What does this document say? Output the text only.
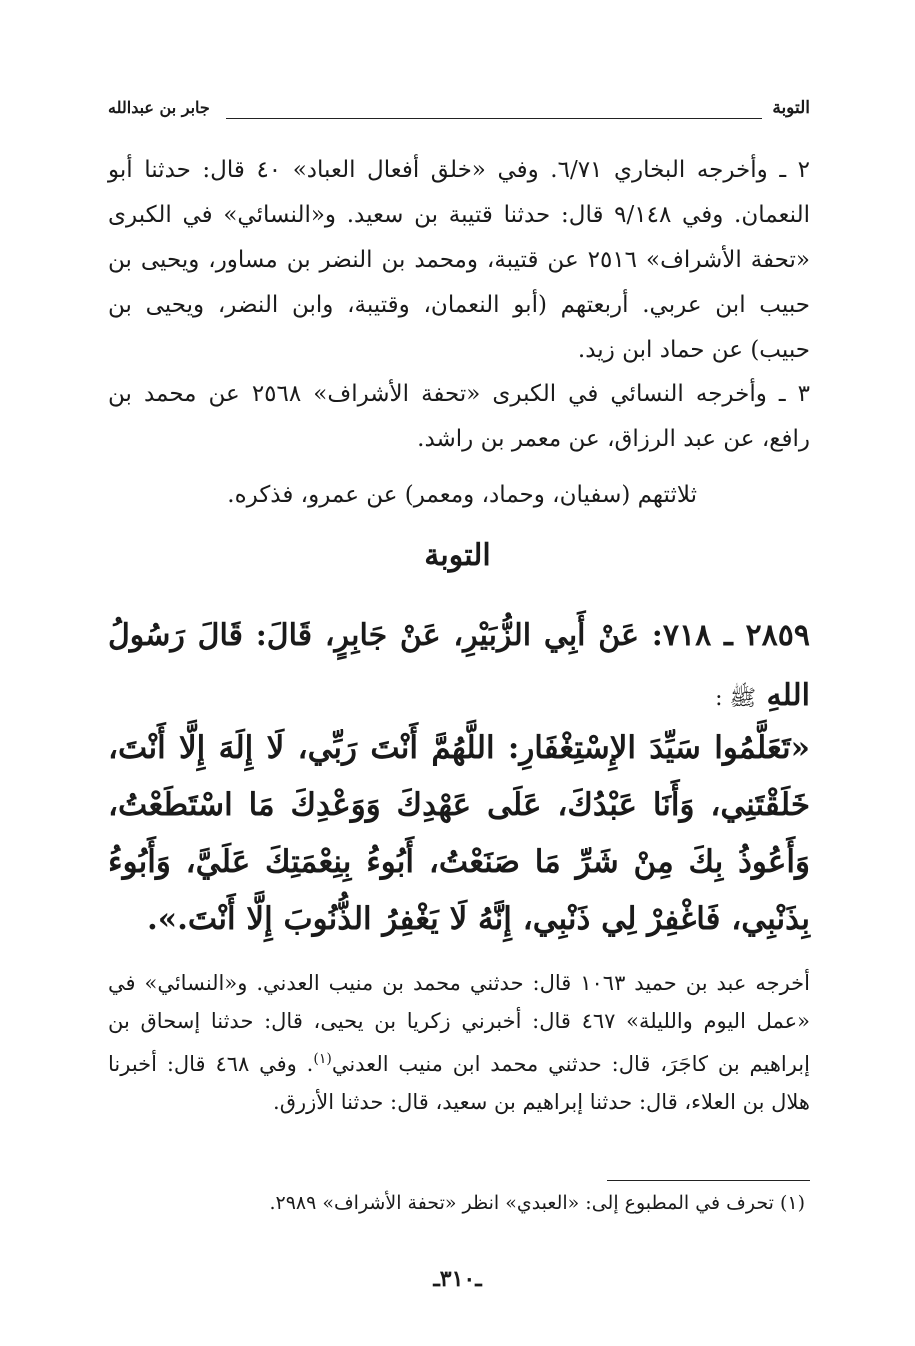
التوبة
جابر بن عبدالله

٢ ـ وأخرجه البخاري ٦/٧١. وفي «خلق أفعال العباد» ٤٠ قال: حدثنا أبو النعمان. وفي ٩/١٤٨ قال: حدثنا قتيبة بن سعيد. و«النسائي» في الكبرى «تحفة الأشراف» ٢٥١٦ عن قتيبة، ومحمد بن النضر بن مساور، ويحيى بن حبيب ابن عربي. أربعتهم (أبو النعمان، وقتيبة، وابن النضر، ويحيى بن حبيب) عن حماد ابن زيد.

٣ ـ وأخرجه النسائي في الكبرى «تحفة الأشراف» ٢٥٦٨ عن محمد بن رافع، عن عبد الرزاق، عن معمر بن راشد.

ثلاثتهم (سفيان، وحماد، ومعمر) عن عمرو، فذكره.

التوبة

٢٨٥٩ ـ ٧١٨: عَنْ أَبِي الزُّبَيْرِ، عَنْ جَابِرٍ، قَالَ: قَالَ رَسُولُ اللهِ ﷺ :

«تَعَلَّمُوا سَيِّدَ الإِسْتِغْفَارِ: اللَّهُمَّ أَنْتَ رَبِّي، لَا إِلَهَ إِلَّا أَنْتَ، خَلَقْتَنِي، وَأَنَا عَبْدُكَ، عَلَى عَهْدِكَ وَوَعْدِكَ مَا اسْتَطَعْتُ، وَأَعُوذُ بِكَ مِنْ شَرِّ مَا صَنَعْتُ، أَبُوءُ بِنِعْمَتِكَ عَلَيَّ، وَأَبُوءُ بِذَنْبِي، فَاغْفِرْ لِي ذَنْبِي، إِنَّهُ لَا يَغْفِرُ الذُّنُوبَ إِلَّا أَنْتَ.».

أخرجه عبد بن حميد ١٠٦٣ قال: حدثني محمد بن منيب العدني. و«النسائي» في «عمل اليوم والليلة» ٤٦٧ قال: أخبرني زكريا بن يحيى، قال: حدثنا إسحاق بن إبراهيم بن كاجَرَ، قال: حدثني محمد ابن منيب العدني$^{(١)}$. وفي ٤٦٨ قال: أخبرنا هلال بن العلاء، قال: حدثنا إبراهيم بن سعيد، قال: حدثنا الأزرق.

(١) تحرف في المطبوع إلى: «العبدي» انظر «تحفة الأشراف» ٢٩٨٩.

ـ٣١٠ـ
